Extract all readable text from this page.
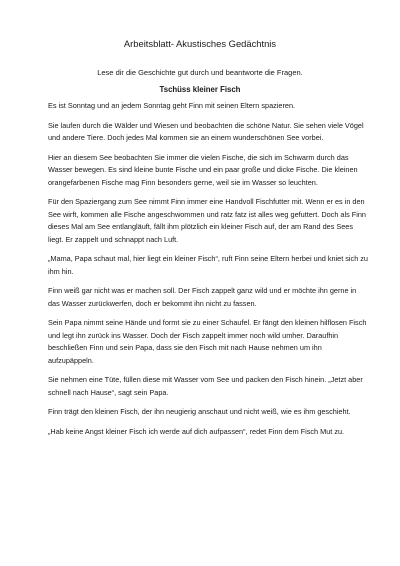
Arbeitsblatt- Akustisches Gedächtnis

Lese dir die Geschichte gut durch und beantworte die Fragen.

Tschüss kleiner Fisch

Es ist Sonntag und an jedem Sonntag geht Finn mit seinen Eltern spazieren.

Sie laufen durch die Wälder und Wiesen und beobachten die schöne Natur. Sie sehen viele Vögel und andere Tiere. Doch jedes Mal kommen sie an einem wunderschönen See vorbei.

Hier an diesem See beobachten Sie immer die vielen Fische, die sich im Schwarm durch das Wasser bewegen. Es sind kleine bunte Fische und ein paar große und dicke Fische. Die kleinen orangefarbenen Fische mag Finn besonders gerne, weil sie im Wasser so leuchten.

Für den Spaziergang zum See nimmt Finn immer eine Handvoll Fischfutter mit. Wenn er es in den See wirft, kommen alle Fische angeschwommen und ratz fatz ist alles weg gefuttert. Doch als Finn dieses Mal am See entlangläuft, fällt ihm plötzlich ein kleiner Fisch auf, der am Rand des Sees liegt. Er zappelt und schnappt nach Luft.

„Mama, Papa schaut mal, hier liegt ein kleiner Fisch“, ruft Finn seine Eltern herbei und kniet sich zu ihm hin.

Finn weiß gar nicht was er machen soll. Der Fisch zappelt ganz wild und er möchte ihn gerne in das Wasser zurückwerfen, doch er bekommt ihn nicht zu fassen.

Sein Papa nimmt seine Hände und formt sie zu einer Schaufel. Er fängt den kleinen hilflosen Fisch und legt ihn zurück ins Wasser. Doch der Fisch zappelt immer noch wild umher. Daraufhin beschließen Finn und sein Papa, dass sie den Fisch mit nach Hause nehmen um ihn aufzupäppeln.

Sie nehmen eine Tüte, füllen diese mit Wasser vom See und packen den Fisch hinein. „Jetzt aber schnell nach Hause“, sagt sein Papa.

Finn trägt den kleinen Fisch, der ihn neugierig anschaut und nicht weiß, wie es ihm geschieht.

„Hab keine Angst kleiner Fisch ich werde auf dich aufpassen“, redet Finn dem Fisch Mut zu.
